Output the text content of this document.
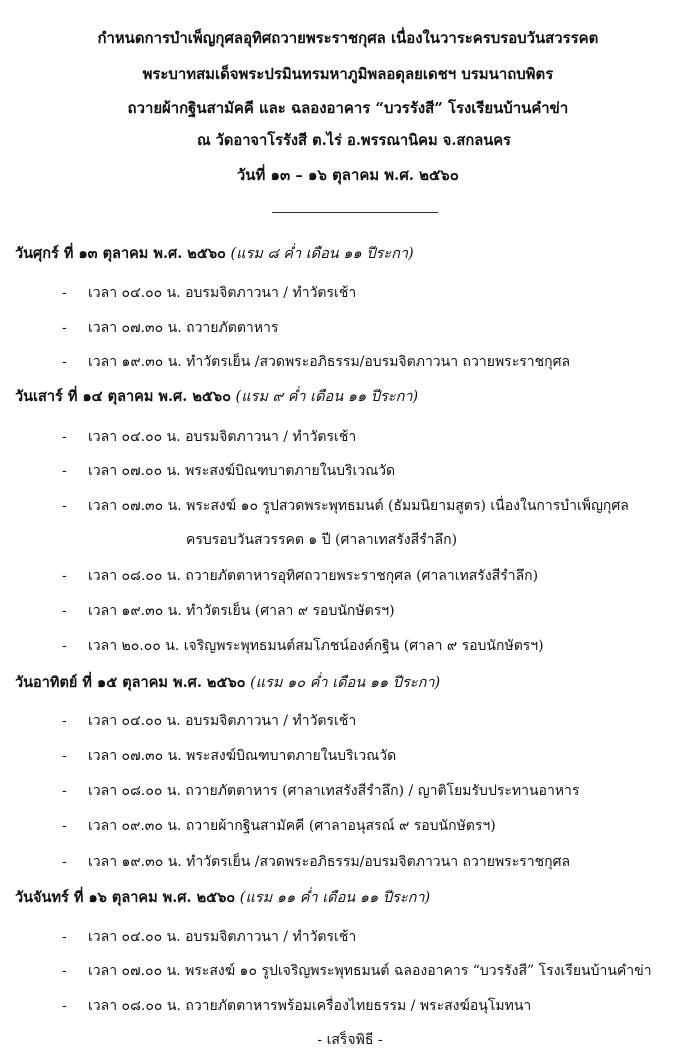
กำหนดการบำเพ็ญกุศลอุทิศถวายพระราชกุศล เนื่องในวาระครบรอบวันสวรรคต
พระบาทสมเด็จพระปรมินทรมหาภูมิพลอดุลยเดชฯ บรมนาถบพิตร
ถวายผ้ากฐินสามัคคี และ ฉลองอาคาร “บวรรังสี” โรงเรียนบ้านคำข่า
ณ วัดอาจาโรรังสี ต.ไร่ อ.พรรณานิคม จ.สกลนคร
วันที่ ๑๓ – ๑๖ ตุลาคม พ.ศ. ๒๕๖๐
วันศุกร์ ที่ ๑๓ ตุลาคม พ.ศ. ๒๕๖๐ (แรม ๘ ค่ำ เดือน ๑๑ ปีระกา)
- เวลา ๐๔.๐๐ น. อบรมจิตภาวนา / ทำวัตรเช้า
- เวลา ๐๗.๓๐ น. ถวายภัตตาหาร
- เวลา ๑๙.๓๐ น. ทำวัตรเย็น /สวดพระอภิธรรม/อบรมจิตภาวนา ถวายพระราชกุศล
วันเสาร์ ที่ ๑๔ ตุลาคม พ.ศ. ๒๕๖๐ (แรม ๙ ค่ำ เดือน ๑๑ ปีระกา)
- เวลา ๐๔.๐๐ น. อบรมจิตภาวนา / ทำวัตรเช้า
- เวลา ๐๗.๐๐ น. พระสงฆ์บิณฑบาตภายในบริเวณวัด
- เวลา ๐๗.๓๐ น. พระสงฆ์ ๑๐ รูปสวดพระพุทธมนต์ (ธัมมนิยามสูตร) เนื่องในการบำเพ็ญกุศล
ครบรอบวันสวรรคต ๑ ปี (ศาลาเทสรังสีรำลึก)
- เวลา ๐๘.๐๐ น. ถวายภัตตาหารอุทิศถวายพระราชกุศล (ศาลาเทสรังสีรำลึก)
- เวลา ๑๙.๓๐ น. ทำวัตรเย็น (ศาลา ๙ รอบนักษัตรฯ)
- เวลา ๒๐.๐๐ น. เจริญพระพุทธมนต์สมโภชน์องค์กฐิน (ศาลา ๙ รอบนักษัตรฯ)
วันอาทิตย์ ที่ ๑๕ ตุลาคม พ.ศ. ๒๕๖๐ (แรม ๑๐ ค่ำ เดือน ๑๑ ปีระกา)
- เวลา ๐๔.๐๐ น. อบรมจิตภาวนา / ทำวัตรเช้า
- เวลา ๐๗.๓๐ น. พระสงฆ์บิณฑบาตภายในบริเวณวัด
- เวลา ๐๘.๐๐ น. ถวายภัตตาหาร (ศาลาเทสรังสีรำลึก) / ญาติโยมรับประทานอาหาร
- เวลา ๐๙.๓๐ น. ถวายผ้ากฐินสามัคคี (ศาลาอนุสรณ์ ๙ รอบนักษัตรฯ)
- เวลา ๑๙.๓๐ น. ทำวัตรเย็น /สวดพระอภิธรรม/อบรมจิตภาวนา ถวายพระราชกุศล
วันจันทร์ ที่ ๑๖ ตุลาคม พ.ศ. ๒๕๖๐ (แรม ๑๑ ค่ำ เดือน ๑๑ ปีระกา)
- เวลา ๐๔.๐๐ น. อบรมจิตภาวนา / ทำวัตรเช้า
- เวลา ๐๗.๐๐ น. พระสงฆ์ ๑๐ รูปเจริญพระพุทธมนต์ ฉลองอาคาร “บวรรังสี” โรงเรียนบ้านคำข่า
- เวลา ๐๘.๐๐ น. ถวายภัตตาหารพร้อมเครื่องไทยธรรม / พระสงฆ์อนุโมทนา
- เสร็จพิธี -
